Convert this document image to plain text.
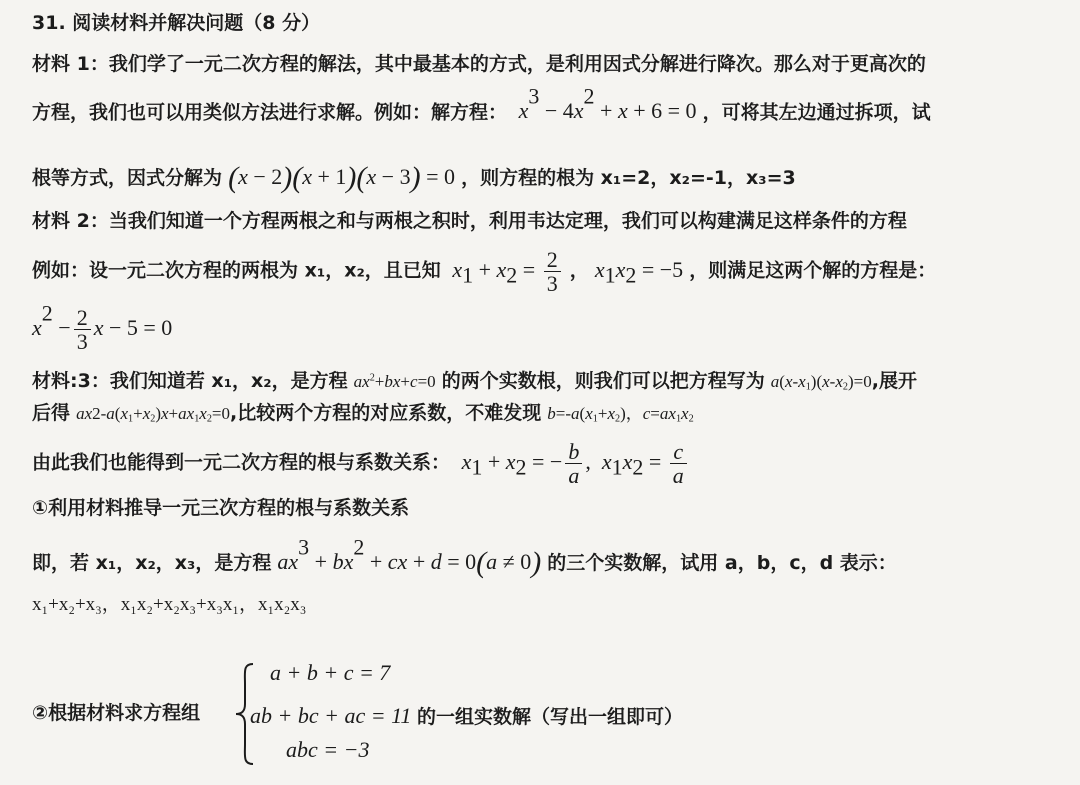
31. 阅读材料并解决问题（8 分）
材料 1：我们学了一元二次方程的解法，其中最基本的方式，是利用因式分解进行降次。那么对于更高次的
方程，我们也可以用类似方法进行求解。例如：解方程：  $x^3 - 4x^2 + x + 6 = 0$ ，可将其左边通过拆项，试
根等方式，因式分解为 (x − 2)(x + 1)(x − 3) = 0 ，则方程的根为 x₁=2，x₂=-1，x₃=3
材料 2：当我们知道一个方程两根之和与两根之积时，利用韦达定理，我们可以构建满足这样条件的方程
例如：设一元二次方程的两根为 x₁，x₂，且已知  $x_1 + x_2 = \frac{2}{3}$ ， $x_1x_2 = -5$ ，则满足这两个解的方程是：
$x^2 - \frac{2}{3}$ x − 5 = 0
材料:3：我们知道若 x₁，x₂，是方程 $ax^2+bx+c=0$ 的两个实数根，则我们可以把方程写为 $a(x-x_1)(x-x_2)=0$,展开
后得 $ax2-a(x_1+x_2)x+ax_1x_2=0$,比较两个方程的对应系数，不难发现 $b=-a(x_1+x_2)$，$c=ax_1x_2$
由此我们也能得到一元二次方程的根与系数关系：  $x_1 + x_2$ = − $\frac{b}{a}$ ,  $x_1x_2 = \frac{c}{a}$
①利用材料推导一元三次方程的根与系数关系
即，若 x₁，x₂，x₃，是方程 $ax^3 + bx^2$ + cx + d = 0(a ≠ 0) 的三个实数解，试用 a，b，c，d 表示：
x₁+x₂+x₃，x₁x₂+x₂x₃+x₃x₁，x₁x₂x₃
②根据材料求方程组
a + b + c = 7
ab + bc + ac = 11 的一组实数解（写出一组即可）
abc = −3
